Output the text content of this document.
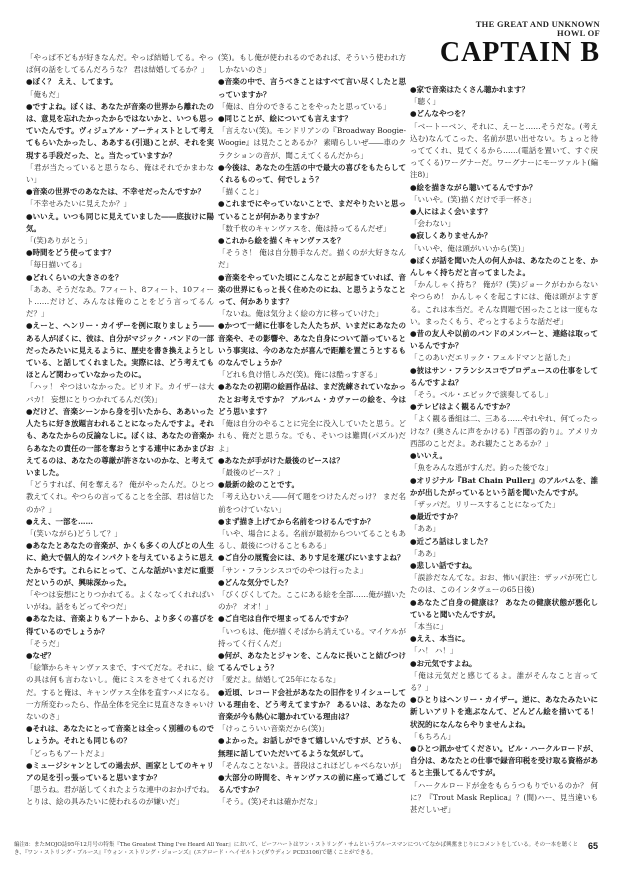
THE GREAT AND UNKNOWN
HOWL OF
CAPTAIN B

「やっぱ不どもが好きなんだ。やっぱ結婚してる。やっぱ何の話をしてるんだろうな？ 君は結婚してるか？」

●ぼく？ ええ、してます。

「俺もだ」

●ですよね。ぼくは、あなたが音楽の世界から離れたのは、意見を忘れたかったからではないかと、いつも思っていたんです。ヴィジュアル・アーティストとして考えてもらいたかったし、ああする(引退)ことが、それを実現する手段だった、と。当たっていますか？

「君が当たっていると思うなら、俺はそれでかまわない」

●音楽の世界でのあなたは、不幸せだったんですか？

「不幸せみたいに見えたか？」

●いいえ。いつも同じに見えていました――底抜けに陽気。

「(笑)ありがとう」

●時間をどう使ってます？

「毎日描いてる」

●どれくらいの大きさのを？

「ああ、そうだなあ。7フィート、8フィート、10フィート……だけど、みんなは俺のことをどう言ってるんだ？」

●えーと、ヘンリー・カイザーを例に取りましょう――ある人がぼくに、彼は、自分がマジック・バンドの一部だったみたいに見えるように、歴史を書き換えようとしている、と話してくれました。実際には、どう考えてもほとんど関わっていなかったのに。

「ハッ！ やつはいなかった。ピリオド。カイザーは大バカ！ 妄想にとりつかれてるんだ(笑)」

●だけど、音楽シーンから身を引いたから、ああいった人たちに好き放題言われることになったんですよ。それも、あなたからの反論なしに。ぼくは、あなたの音楽からあなたの責任の一部を奪おうとする連中にあかまびおえてるのは、あなたの尊厳が許さないのかな、と考えていました。

「どうすれば、何を奪える？ 俺がやったんだ。ひとつ教えてくれ。やつらの言ってることを全部、君は信じたのか？」

●ええ、一部を……

「(笑いながら)どうして？」

●あなたとあなたの音楽が、かくも多くの人びとの人生に、絶大で個人的なインパクトを与えているように思えたからです。これらにとって、こんな話がいまだに重要だというのが、興味深かった。

「やつは妄想にとりつかれてる。よくなってくれればいいがね。話をもどってやつだ」

●あなたは、音楽よりもアートから、より多くの喜びを得ているのでしょうか？

「そうだ」

●なぜ？

「絵筆からキャンヴァスまで、すべてだな。それに、絵の具は何も言わないし。俺にミスをさせてくれるだけだ。すると俺は、キャンヴァス全体を直すハメになる。一方所変わったら、作品全体を完全に見直さなきゃいけないのさ」

●それは、あなたにとって音楽とは全っく別種のものでしょうか。それとも同じもの？

「どっちもアートだよ」

●ミュージシャンとしての過去が、画家としてのキャリアの足を引っ張っていると思いますか？

「思うね。君が話してくれたような連中のおかげでね。とりは、絵の具みたいに使われるのが嫌いだ」

(笑)。もし俺が使われるのであれば、そういう使われ方しかないのさ」

●音楽の中で、言うべきことはすべて言い尽くしたと思っていますか？

「俺は、自分のできることをやったと思っている」

●同じことが、絵についても言えます？

「言えない(笑)。モンドリアンの『Broadway Boogie-Woogie』は見たことあるか？ 素晴らしいぜ――車のクラクションの音が、聞こえてくるんだから」

●今後は、あなたの生活の中で最大の喜びをもたらしてくれるものって、何でしょう？

「描くこと」

●これまでにやっていないことで、まだやりたいと思っていることが何かありますか？

「数千枚のキャンヴァスを、俺は持ってるんだぜ」

●これから絵を描くキャンヴァスを？

「そうさ！ 俺は自分勝手なんだ。描くのが大好きなんだ」

●音楽をやっていた頃にこんなことが起きていれば、音楽の世界にもっと長く住めたのにね、と思うようなことって、何かあります？

「ないね。俺は気分よく絵の方に移っていけた」

●かつて一緒に仕事をした人たちが、いまだにあなたの音楽や、その影響や、あなた自身について語っているという事実は、今のあなたが喜んで距離を置こうとするものなんでしょうか？

「どれも負け惜しみだ(笑)。俺には酷っすぎる」

●あなたの初期の絵画作品は、まだ洗練されていなかったとお考えですか？ アルバム・カヴァーの絵を、今はどう思います？

「俺は自分のやることに完全に没入していたと思う。どれも、俺だと思うな。でも、そいつは難問(パズル)だよ」

●あなたが手がけた最後のピースは？

「最後のピース？」

●最新の絵のことです。

「考え込むいえ――何て題をつけたんだっけ？ まだ名前をつけていない」

●まず描き上げてから名前をつけるんですか？

「いや、場合による。名前が最初からついてることもあるし、最後につけることもある」

●ご自分の展覧会には、ありす足を運びにいますよね？

「サン・フランシスコでのやつは行ったよ」

●どんな気分でした？

「びくびくしてた。ここにある絵を全部……俺が描いたのか？ オオ！」

●ご自宅は自作で埋まってるんですか？

「いつもは、俺が描くそばから消えている。マイケルが持ってく行くんだ」

●何が、あなたとジャンを、こんなに長いこと結びつけてるんでしょう？

「愛だよ。結婚して25年になるな」

●近頃、レコード会社があなたの旧作をリイシューしている理由を、どう考えてますか？ あるいは、あなたの音楽が今も熱心に聴かれている理由は？

「けっこういい音楽だから(笑)」

●よかった。お話しができて嬉しいんですが、どうも、無理に話していただいてるような気がして。

「そんなことないよ。普段はこれほどしゃべらないが」

●大部分の時間を、キャンヴァスの前に座って過ごしてるんですか？

「そう。(笑)それは確かだな」

●家で音楽はたくさん聴かれます？

「聴く」

●どんなやつを？

「ベートーベン、それに、えーと……そうだな。(考え込む)なんてこった、名前が思い出せない。ちょっと待っててくれ、見てくるから……(電話を置いて、すぐ戻ってくる)ワーグナーだ。ワーグナーにモーツァルト(編注8)」

●絵を描きながら聴いてるんですか？

「いいや。(笑)描くだけで手一杯さ」

●人にはよく会います？

「会わない」

●寂しくありませんか？

「いいや、俺は頭がいいから(笑)」

●ぼくが話を聞いた人の何人かは、あなたのことを、かんしゃく持ちだと言ってましたよ。

「かんしゃく持ち？ 俺が？(笑)ジョークがわからないやつらめ！ かんしゃくを起こすには、俺は頭がよすぎる。これは本当だ。そんな問題で困ったことは一度もない。まったくもう、ぞっとするような話だぜ」

●昔の友人や以前のバンドのメンバーと、連絡は取っているんですか？

「このあいだエリック・フェルドマンと話した」

●彼はサン・フランシスコでプロデュースの仕事をしてるんですよね？

「そう。ベル・エピックで演奏してるし」

●テレビはよく観るんですか？

「よく観る番組は二、三ある……やれやれ、何てったっけな？(奥さんに声をかける)『西部の釣り』。アメリカ西部のことだよ。あれ観たことあるか？」

●いいえ。

「魚をみんな逃がすんだ。釣った後でな」

●オリジナル『Bat Chain Puller』のアルバムを、誰かが出したがっているという話を聞いたんですが。

「ザッパだ。リリースすることになってた」

●最近ですか？

「ああ」

●近ごろ話はしました？

「ああ」

●悲しい話ですね。

「誤診だなんてな。おお、怖い(訳注：ザッパが死亡したのは、このインタヴューの65日後)

●あなたご自身の健康は？ あなたの健康状態が悪化していると聞いたんですが。

「本当に」

●ええ、本当に。

「ハ！ ハ！」

●お元気ですよね。

「俺は元気だと感じてるよ。誰がそんなこと言ってる？」

●ひとりはヘンリー・カイザー。逆に、あなたみたいに新しいアリトを進ぶなんて、どんどん絵を描いてる！ 状況的になんならやりませんよね。

「もちろん」

●ひとつ訊かせてください。ビル・ハークルロードが、自分は、あなたとの仕事で録音印税を受け取る資格があると主張してるんですが。

「ハークルロードが金をもらうつもりでいるのか？ 何に？『Trout Mask Replica』？(間)ハー、見当違いも甚だしいぜ」

編注8：またMOJO誌95年12月号の特集『The Greatest Thing I've Heard All Year』において、ビーフハートはワン・ストリング・サムというブルースマンについてなかば興奮まじりにコメントをしている。その一本を聴くとき、『ワン・ストリング・ブルース』『ウォン・ストリング・ジョーンズ』(エアロード・ヘイゼルトン(ダウディン PCD3106)で聴くことができる。
65
